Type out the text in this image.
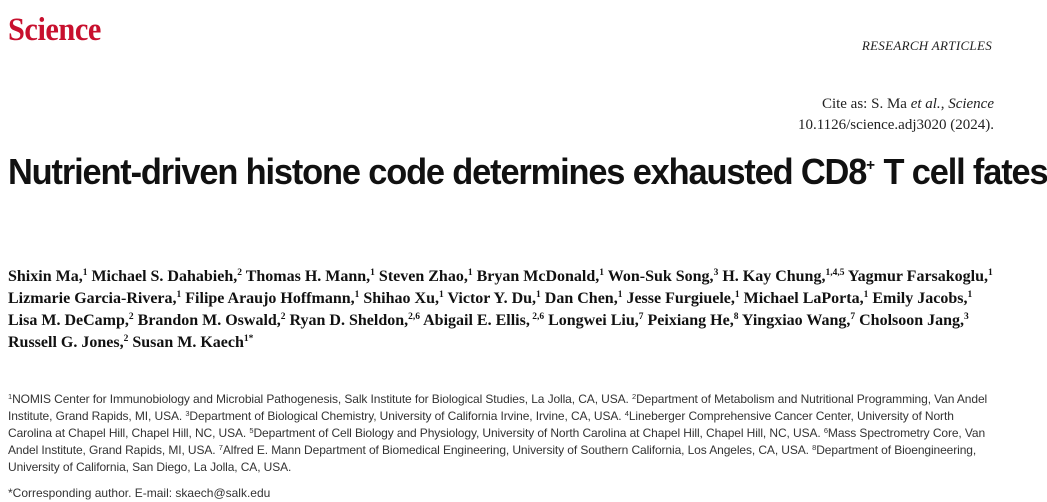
Science	RESEARCH ARTICLES
Cite as: S. Ma et al., Science
10.1126/science.adj3020 (2024).
Nutrient-driven histone code determines exhausted CD8+ T cell fates
Shixin Ma,$^1$ Michael S. Dahabieh,$^2$ Thomas H. Mann,$^1$ Steven Zhao,$^1$ Bryan McDonald,$^1$ Won-Suk Song,$^3$ H. Kay Chung,$^{1,4,5}$ Yagmur Farsakoglu,$^1$ Lizmarie Garcia-Rivera,$^1$ Filipe Araujo Hoffmann,$^1$ Shihao Xu,$^1$ Victor Y. Du,$^1$ Dan Chen,$^1$ Jesse Furgiuele,$^1$ Michael LaPorta,$^1$ Emily Jacobs,$^1$ Lisa M. DeCamp,$^2$ Brandon M. Oswald,$^2$ Ryan D. Sheldon,$^{2,6}$ Abigail E. Ellis, $^{2,6}$ Longwei Liu,$^7$ Peixiang He,$^8$ Yingxiao Wang,$^7$ Cholsoon Jang,$^3$ Russell G. Jones,$^2$ Susan M. Kaech$^{1*}$
$^1$NOMIS Center for Immunobiology and Microbial Pathogenesis, Salk Institute for Biological Studies, La Jolla, CA, USA. $^2$Department of Metabolism and Nutritional Programming, Van Andel Institute, Grand Rapids, MI, USA. $^3$Department of Biological Chemistry, University of California Irvine, Irvine, CA, USA. $^4$Lineberger Comprehensive Cancer Center, University of North Carolina at Chapel Hill, Chapel Hill, NC, USA. $^5$Department of Cell Biology and Physiology, University of North Carolina at Chapel Hill, Chapel Hill, NC, USA. $^6$Mass Spectrometry Core, Van Andel Institute, Grand Rapids, MI, USA. $^7$Alfred E. Mann Department of Biomedical Engineering, University of Southern California, Los Angeles, CA, USA. $^8$Department of Bioengineering, University of California, San Diego, La Jolla, CA, USA.
*Corresponding author. E-mail: skaech@salk.edu
